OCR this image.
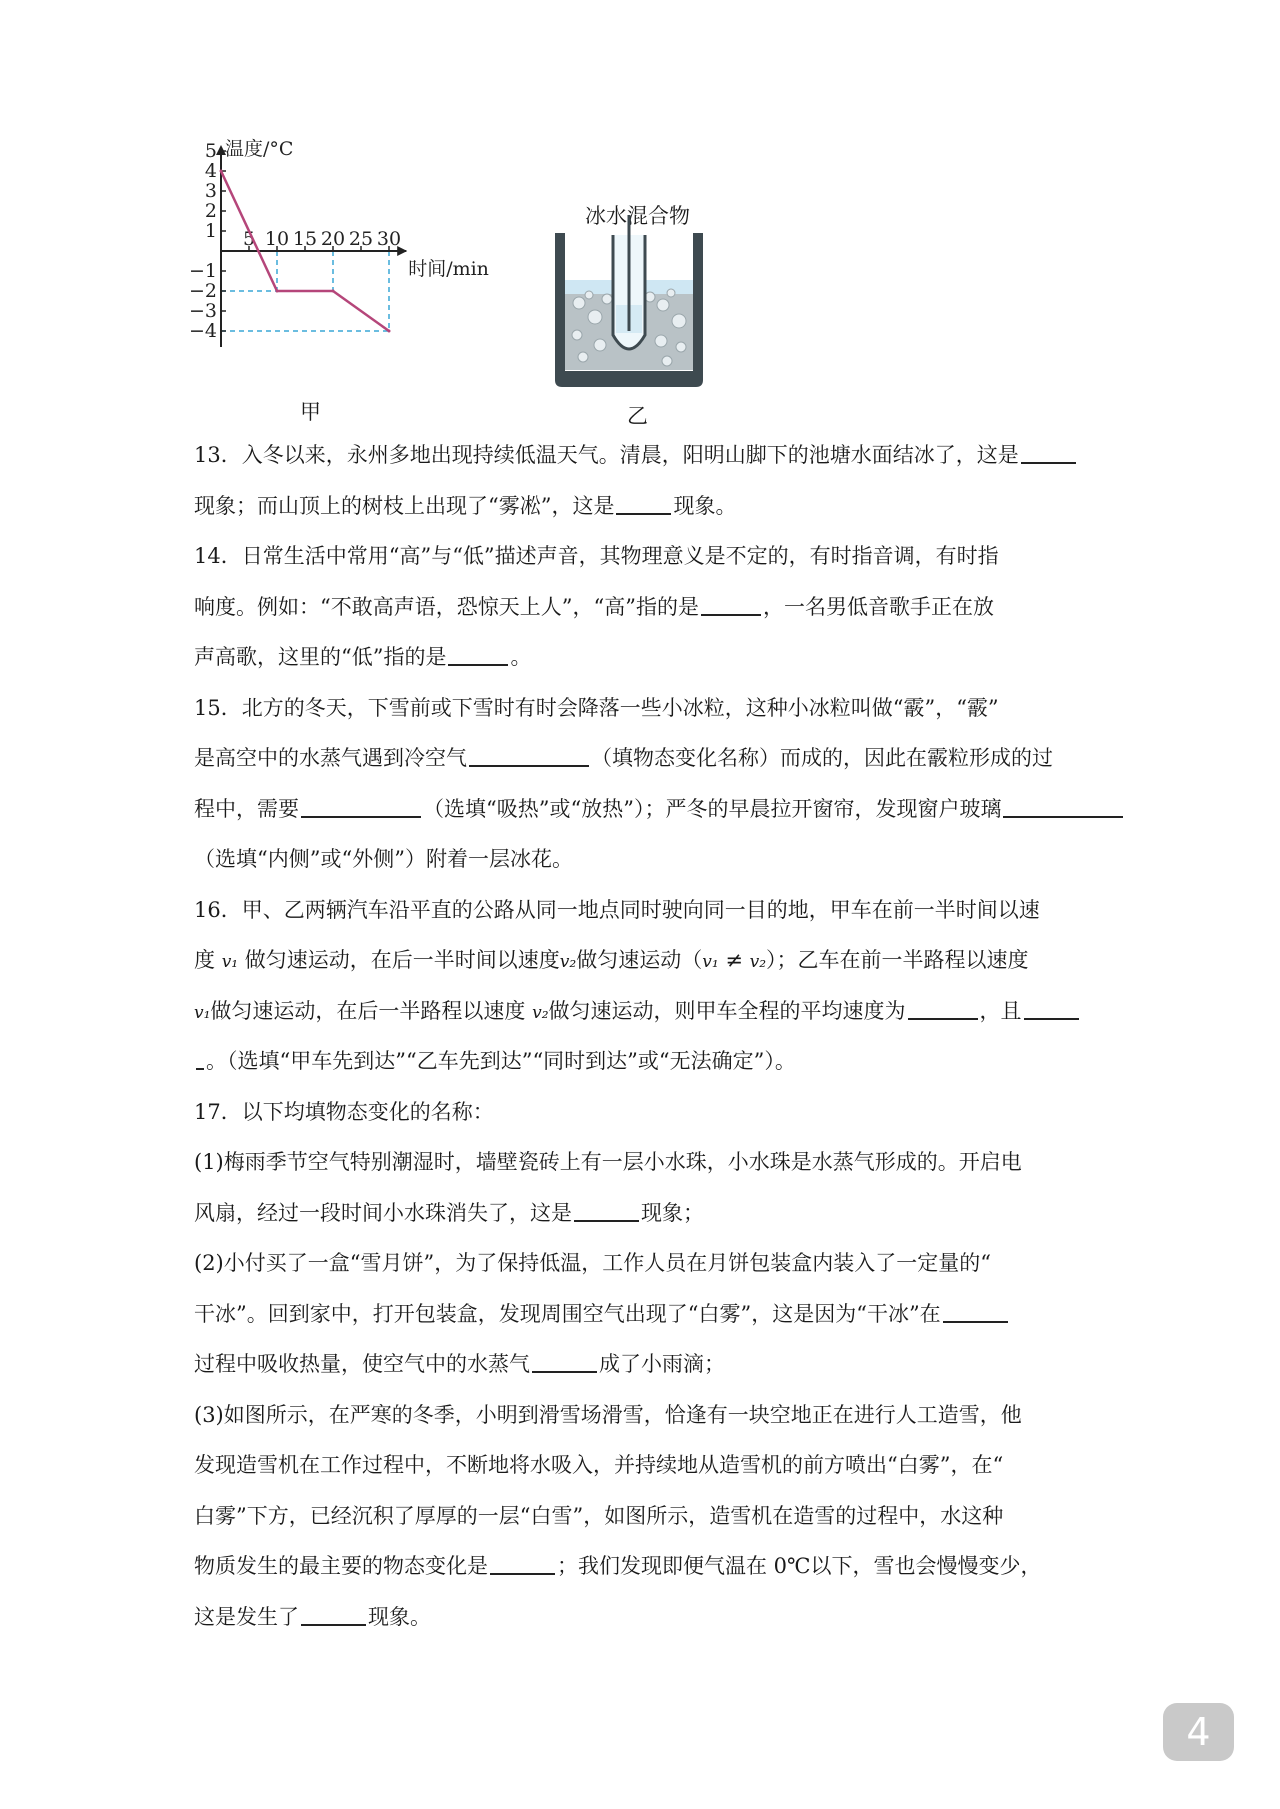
温度/°C
时间/min
5
4
3
2
1
−1
−2
−3
−4
5 10 15 20 25 30
甲
冰水混合物
乙
13．入冬以来，永州多地出现持续低温天气。清晨，阳明山脚下的池塘水面结冰了，这是
现象；而山顶上的树枝上出现了“雾凇”，这是	现象。
14．日常生活中常用“高”与“低”描述声音，其物理意义是不定的，有时指音调，有时指
响度。例如：“不敢高声语，恐惊天上人”，“高”指的是	，一名男低音歌手正在放
声高歌，这里的“低”指的是	。
15．北方的冬天，下雪前或下雪时有时会降落一些小冰粒，这种小冰粒叫做“霰”，“霰”
是高空中的水蒸气遇到冷空气	（填物态变化名称）而成的，因此在霰粒形成的过
程中，需要	（选填“吸热”或“放热”）；严冬的早晨拉开窗帘，发现窗户玻璃
（选填“内侧”或“外侧”）附着一层冰花。
16．甲、乙两辆汽车沿平直的公路从同一地点同时驶向同一目的地，甲车在前一半时间以速
度 v₁ 做匀速运动，在后一半时间以速度v₂做匀速运动（v₁ ≠ v₂）；乙车在前一半路程以速度
v₁做匀速运动，在后一半路程以速度 v₂做匀速运动，则甲车全程的平均速度为	，且
。（选填“甲车先到达”“乙车先到达”“同时到达”或“无法确定”）。
17．以下均填物态变化的名称：
(1)梅雨季节空气特别潮湿时，墙壁瓷砖上有一层小水珠，小水珠是水蒸气形成的。开启电
风扇，经过一段时间小水珠消失了，这是	现象；
(2)小付买了一盒“雪月饼”，为了保持低温，工作人员在月饼包装盒内装入了一定量的“
干冰”。回到家中，打开包装盒，发现周围空气出现了“白雾”，这是因为“干冰”在
过程中吸收热量，使空气中的水蒸气	成了小雨滴；
(3)如图所示，在严寒的冬季，小明到滑雪场滑雪，恰逢有一块空地正在进行人工造雪，他
发现造雪机在工作过程中，不断地将水吸入，并持续地从造雪机的前方喷出“白雾”，在“
白雾”下方，已经沉积了厚厚的一层“白雪”，如图所示，造雪机在造雪的过程中，水这种
物质发生的最主要的物态变化是	；我们发现即便气温在 0℃以下，雪也会慢慢变少，
这是发生了	现象。
4
